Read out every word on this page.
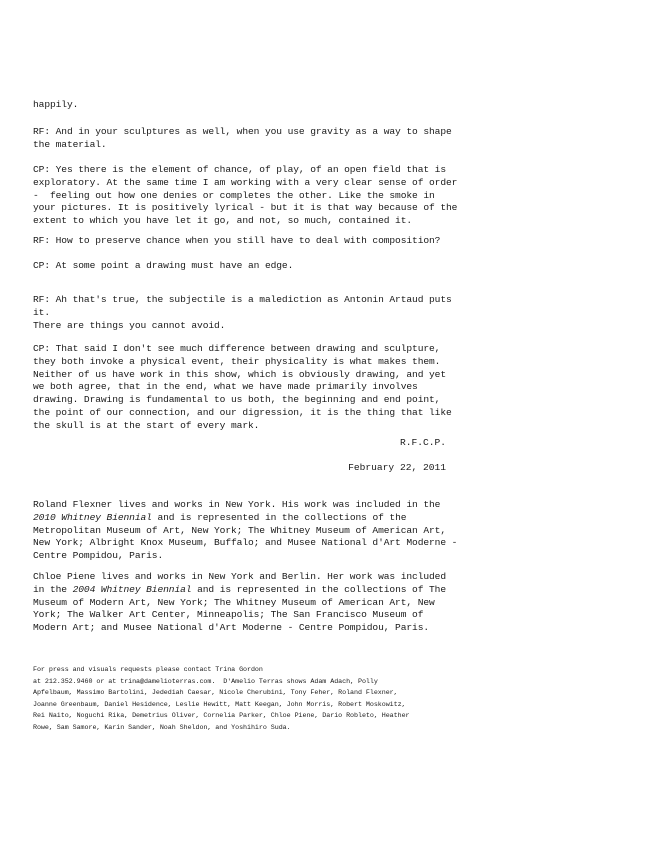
happily.
RF: And in your sculptures as well, when you use gravity as a way to shape
the material.
CP: Yes there is the element of chance, of play, of an open field that is
exploratory. At the same time I am working with a very clear sense of order
-  feeling out how one denies or completes the other. Like the smoke in
your pictures. It is positively lyrical - but it is that way because of the
extent to which you have let it go, and not, so much, contained it.
RF: How to preserve chance when you still have to deal with composition?
CP: At some point a drawing must have an edge.
RF: Ah that's true, the subjectile is a malediction as Antonin Artaud puts
it.
There are things you cannot avoid.
CP: That said I don't see much difference between drawing and sculpture,
they both invoke a physical event, their physicality is what makes them.
Neither of us have work in this show, which is obviously drawing, and yet
we both agree, that in the end, what we have made primarily involves
drawing. Drawing is fundamental to us both, the beginning and end point,
the point of our connection, and our digression, it is the thing that like
the skull is at the start of every mark.
R.F.C.P.
February 22, 2011
Roland Flexner lives and works in New York. His work was included in the
2010 Whitney Biennial and is represented in the collections of the
Metropolitan Museum of Art, New York; The Whitney Museum of American Art,
New York; Albright Knox Museum, Buffalo; and Musee National d'Art Moderne -
Centre Pompidou, Paris.
Chloe Piene lives and works in New York and Berlin. Her work was included
in the 2004 Whitney Biennial and is represented in the collections of The
Museum of Modern Art, New York; The Whitney Museum of American Art, New
York; The Walker Art Center, Minneapolis; The San Francisco Museum of
Modern Art; and Musee National d'Art Moderne - Centre Pompidou, Paris.
For press and visuals requests please contact Trina Gordon
at 212.352.9460 or at trina@damelioterras.com.  D'Amelio Terras shows Adam Adach, Polly
Apfelbaum, Massimo Bartolini, Jedediah Caesar, Nicole Cherubini, Tony Feher, Roland Flexner,
Joanne Greenbaum, Daniel Hesidence, Leslie Hewitt, Matt Keegan, John Morris, Robert Moskowitz,
Rei Naito, Noguchi Rika, Demetrius Oliver, Cornelia Parker, Chloe Piene, Dario Robleto, Heather
Rowe, Sam Samore, Karin Sander, Noah Sheldon, and Yoshihiro Suda.
